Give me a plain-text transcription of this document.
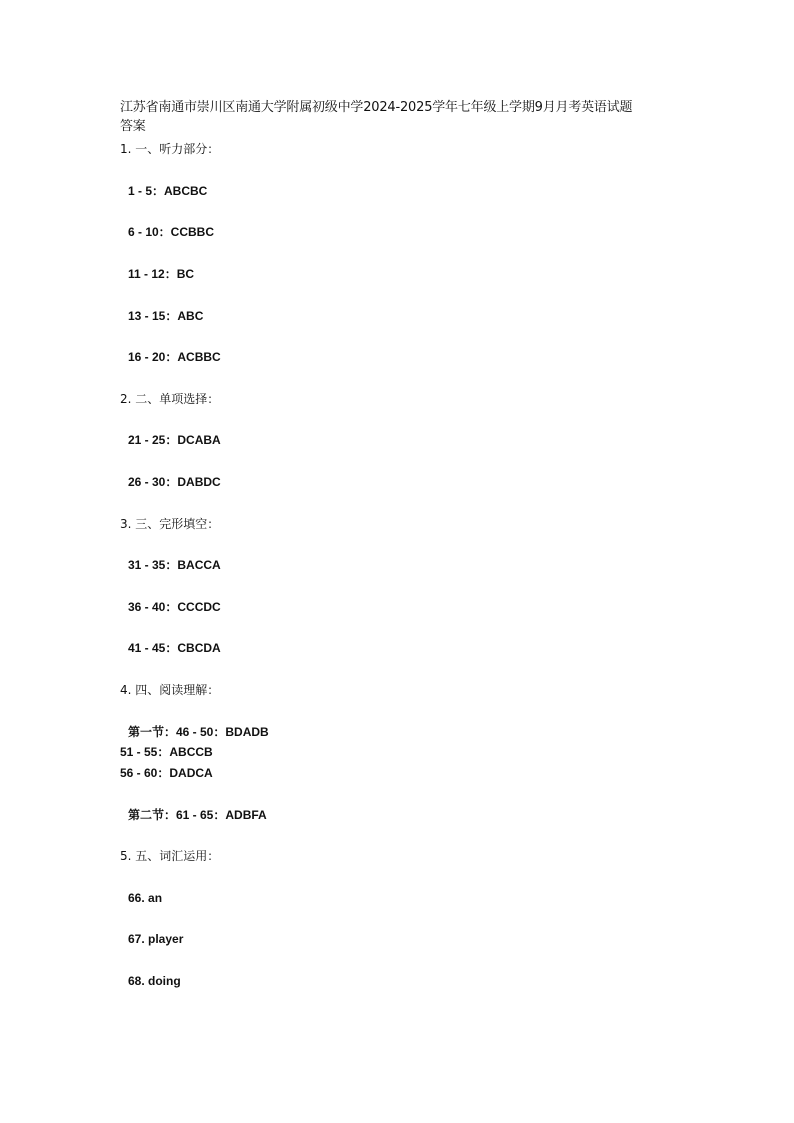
江苏省南通市崇川区南通大学附属初级中学2024-2025学年七年级上学期9月月考英语试题
答案
1. 一、听力部分：
1 - 5：ABCBC
6 - 10：CCBBC
11 - 12：BC
13 - 15：ABC
16 - 20：ACBBC
2. 二、单项选择：
21 - 25：DCABA
26 - 30：DABDC
3. 三、完形填空：
31 - 35：BACCA
36 - 40：CCCDC
41 - 45：CBCDA
4. 四、阅读理解：
第一节：46 - 50：BDADB
51 - 55：ABCCB
56 - 60：DADCA
第二节：61 - 65：ADBFA
5. 五、词汇运用：
66. an
67. player
68. doing
